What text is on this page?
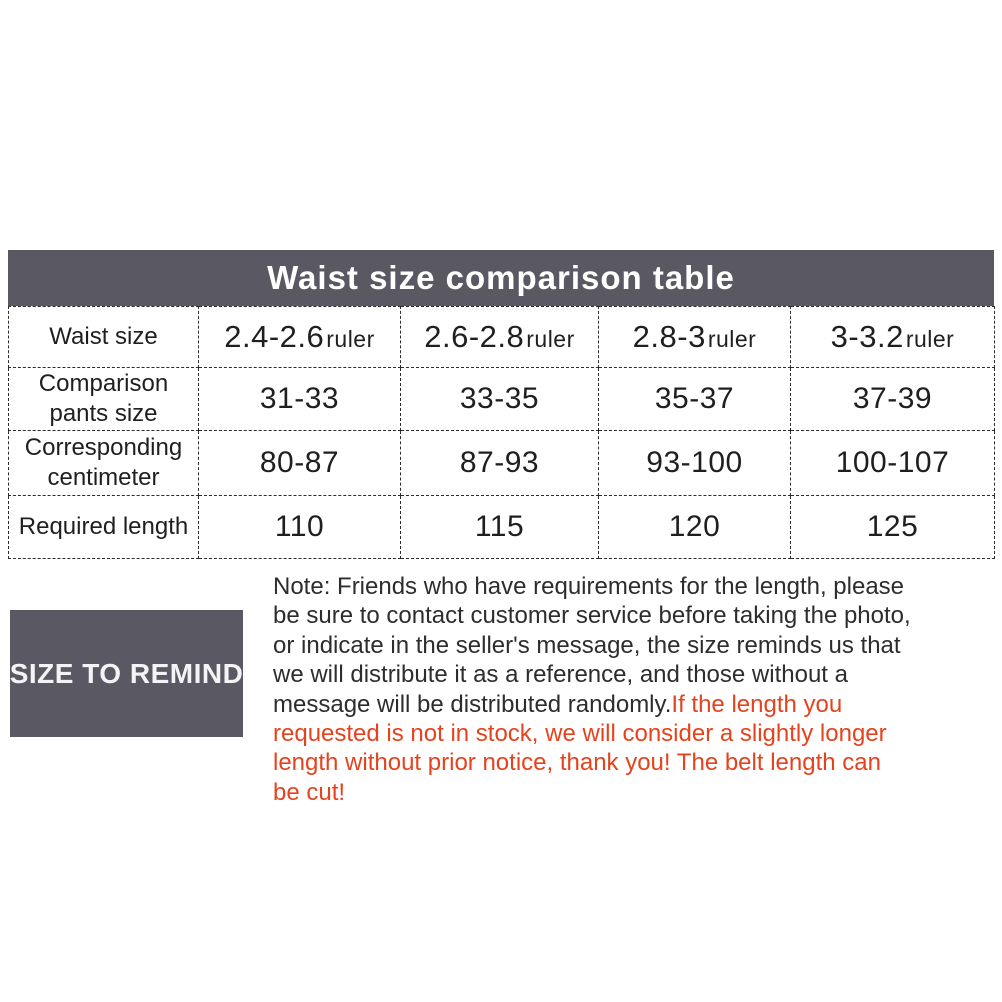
Waist size comparison table
Waist size	2.4-2.6ruler	2.6-2.8ruler	2.8-3ruler	3-3.2ruler
Comparison pants size	31-33	33-35	35-37	37-39
Corresponding centimeter	80-87	87-93	93-100	100-107
Required length	110	115	120	125
SIZE TO REMIND
Note: Friends who have requirements for the length, please
be sure to contact customer service before taking the photo,
or indicate in the seller's message, the size reminds us that
we will distribute it as a reference, and those without a
message will be distributed randomly.If the length you
requested is not in stock, we will consider a slightly longer
length without prior notice, thank you! The belt length can
be cut!
